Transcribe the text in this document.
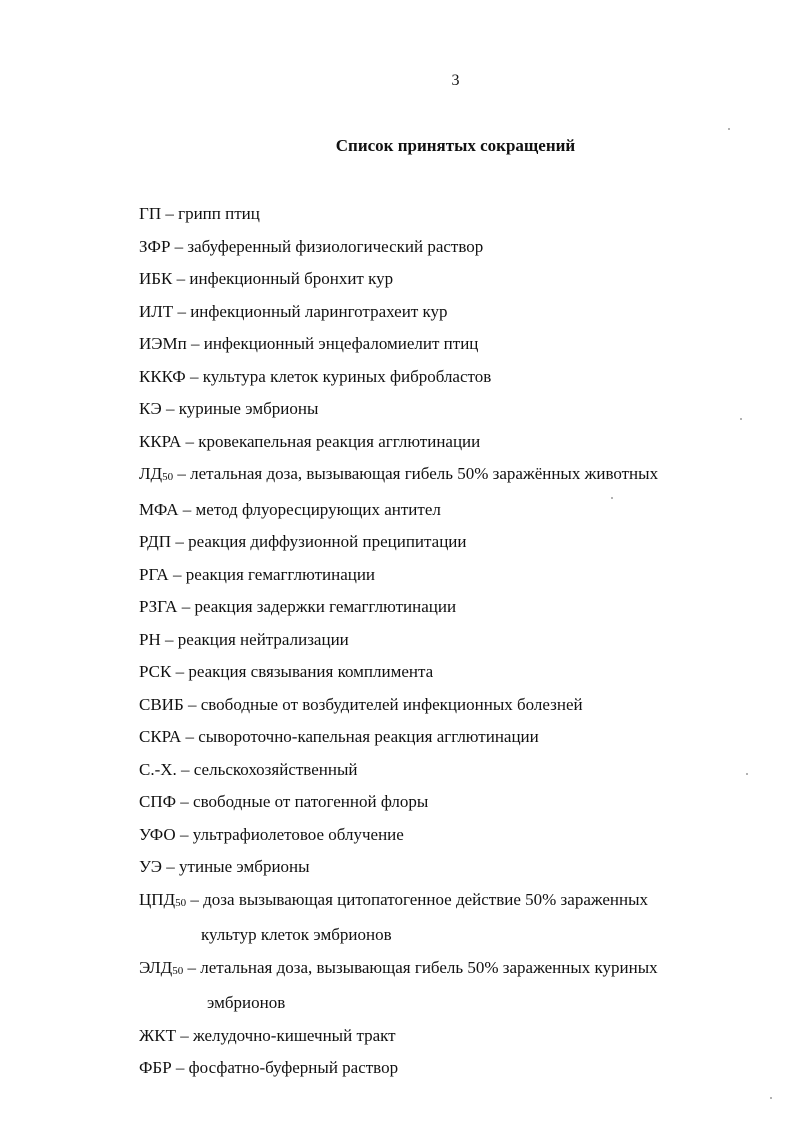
3
Список принятых сокращений
ГП – грипп птиц
ЗФР – забуференный физиологический раствор
ИБК – инфекционный бронхит кур
ИЛТ – инфекционный ларинготрахеит кур
ИЭМп – инфекционный энцефаломиелит птиц
КККФ – культура клеток куриных фибробластов
КЭ – куриные эмбрионы
ККРА – кровекапельная реакция агглютинации
ЛД50 – летальная доза, вызывающая гибель 50% заражённых животных
МФА – метод флуоресцирующих антител
РДП – реакция диффузионной преципитации
РГА – реакция гемагглютинации
РЗГА – реакция задержки гемагглютинации
РН – реакция нейтрализации
РСК – реакция связывания комплимента
СВИБ – свободные от возбудителей инфекционных болезней
СКРА – сывороточно-капельная реакция агглютинации
С.-Х. – сельскохозяйственный
СПФ – свободные от патогенной флоры
УФО – ультрафиолетовое облучение
УЭ – утиные эмбрионы
ЦПД50 – доза вызывающая цитопатогенное действие 50% зараженных
культур клеток эмбрионов
ЭЛД50 – летальная доза, вызывающая гибель 50% зараженных куриных
эмбрионов
ЖКТ – желудочно-кишечный тракт
ФБР – фосфатно-буферный раствор
